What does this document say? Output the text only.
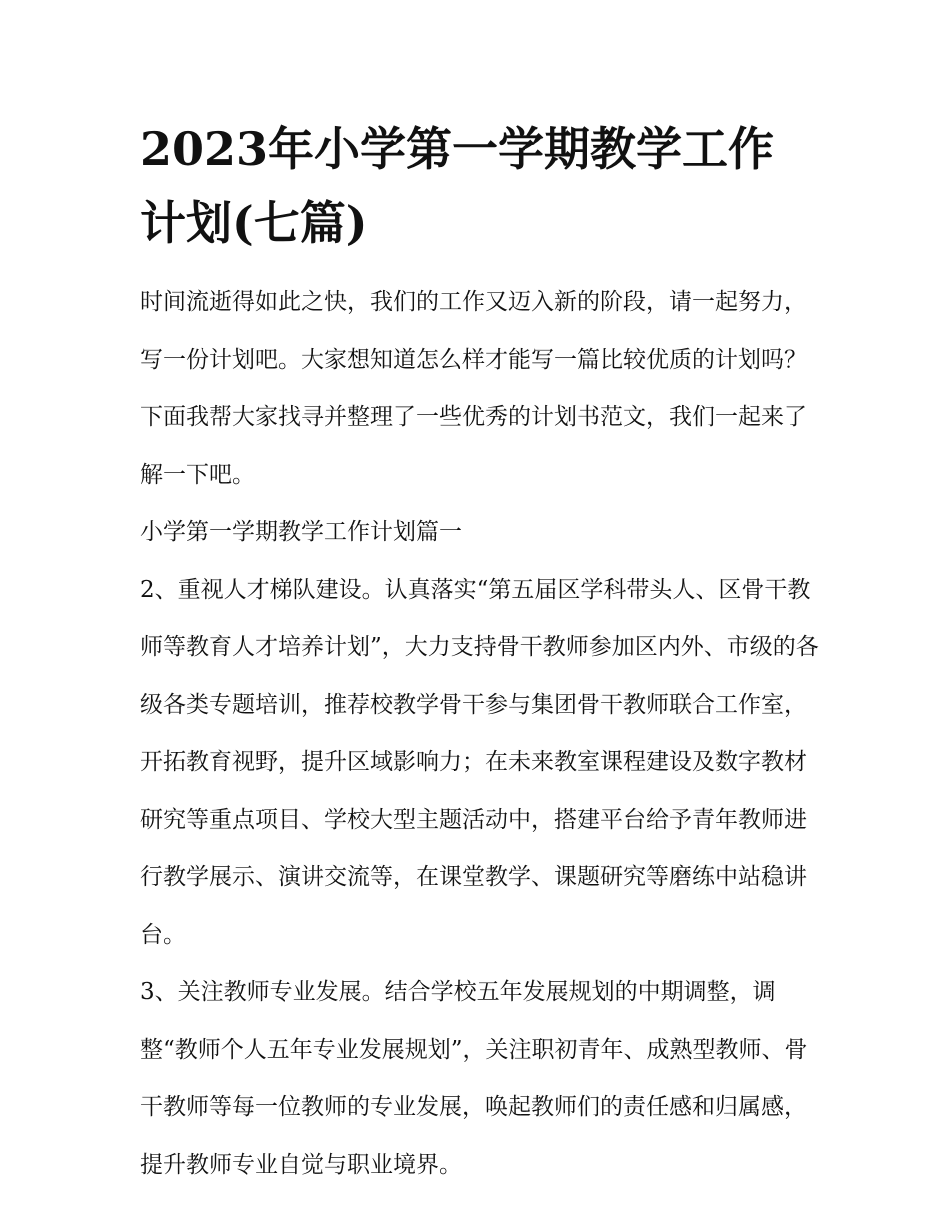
2023年小学第一学期教学工作计划(七篇)

时间流逝得如此之快，我们的工作又迈入新的阶段，请一起努力，写一份计划吧。大家想知道怎么样才能写一篇比较优质的计划吗？下面我帮大家找寻并整理了一些优秀的计划书范文，我们一起来了解一下吧。

小学第一学期教学工作计划篇一

2、重视人才梯队建设。认真落实“第五届区学科带头人、区骨干教师等教育人才培养计划”，大力支持骨干教师参加区内外、市级的各级各类专题培训，推荐校教学骨干参与集团骨干教师联合工作室，开拓教育视野，提升区域影响力；在未来教室课程建设及数字教材研究等重点项目、学校大型主题活动中，搭建平台给予青年教师进行教学展示、演讲交流等，在课堂教学、课题研究等磨练中站稳讲台。

3、关注教师专业发展。结合学校五年发展规划的中期调整，调整“教师个人五年专业发展规划”，关注职初青年、成熟型教师、骨干教师等每一位教师的专业发展，唤起教师们的责任感和归属感，提升教师专业自觉与职业境界。
